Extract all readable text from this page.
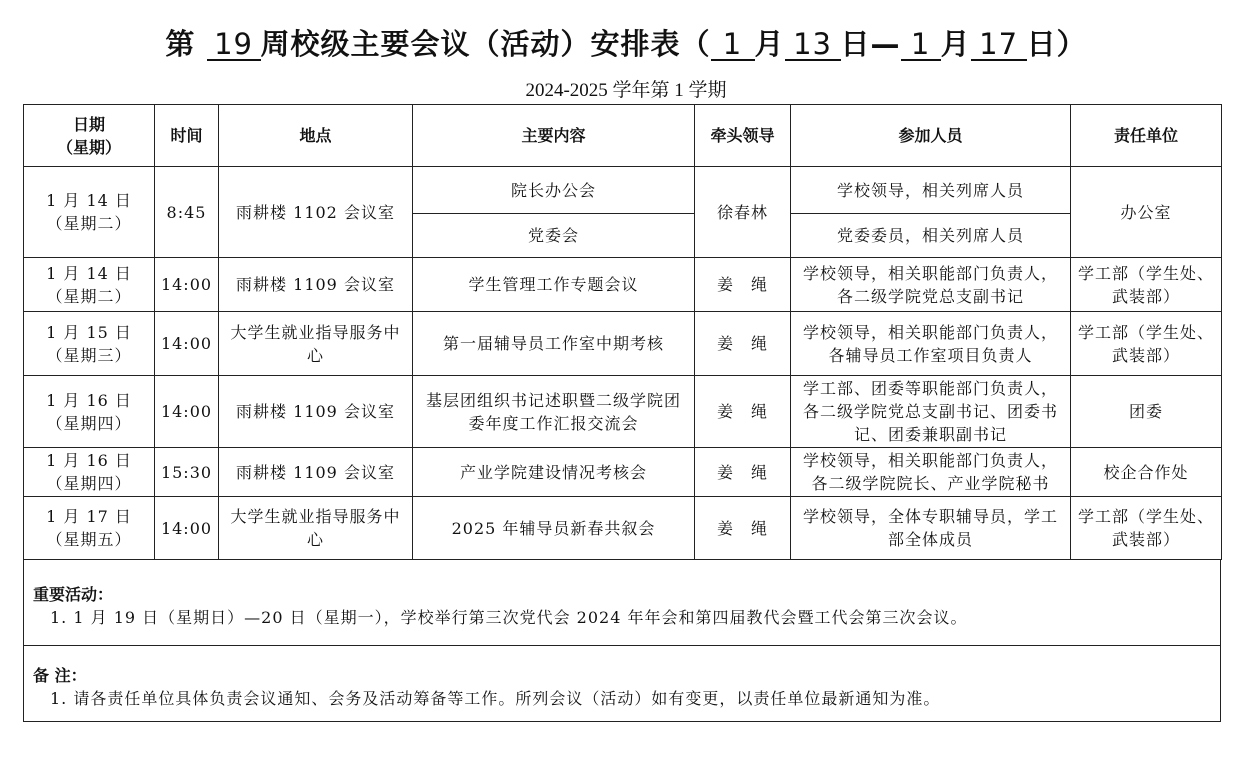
第 19 周校级主要会议（活动）安排表（ 1 月 13 日— 1 月 17 日）
2024-2025 学年第 1 学期
日期
（星期）	时间	地点	主要内容	牵头领导	参加人员	责任单位
1 月 14 日
（星期二）	8:45	雨耕楼 1102 会议室	院长办公会	徐春林	学校领导，相关列席人员	办公室
			党委会		党委委员，相关列席人员	
1 月 14 日
（星期二）	14:00	雨耕楼 1109 会议室	学生管理工作专题会议	姜　绳	学校领导，相关职能部门负责人，各二级学院党总支副书记	学工部（学生处、武装部）
1 月 15 日
（星期三）	14:00	大学生就业指导服务中心	第一届辅导员工作室中期考核	姜　绳	学校领导，相关职能部门负责人，各辅导员工作室项目负责人	学工部（学生处、武装部）
1 月 16 日
（星期四）	14:00	雨耕楼 1109 会议室	基层团组织书记述职暨二级学院团委年度工作汇报交流会	姜　绳	学工部、团委等职能部门负责人，各二级学院党总支副书记、团委书记、团委兼职副书记	团委
1 月 16 日
（星期四）	15:30	雨耕楼 1109 会议室	产业学院建设情况考核会	姜　绳	学校领导，相关职能部门负责人，各二级学院院长、产业学院秘书	校企合作处
1 月 17 日
（星期五）	14:00	大学生就业指导服务中心	2025 年辅导员新春共叙会	姜　绳	学校领导，全体专职辅导员，学工部全体成员	学工部（学生处、武装部）
重要活动：
1. 1 月 19 日（星期日）—20 日（星期一），学校举行第三次党代会 2024 年年会和第四届教代会暨工代会第三次会议。
备 注：
1. 请各责任单位具体负责会议通知、会务及活动筹备等工作。所列会议（活动）如有变更，以责任单位最新通知为准。
